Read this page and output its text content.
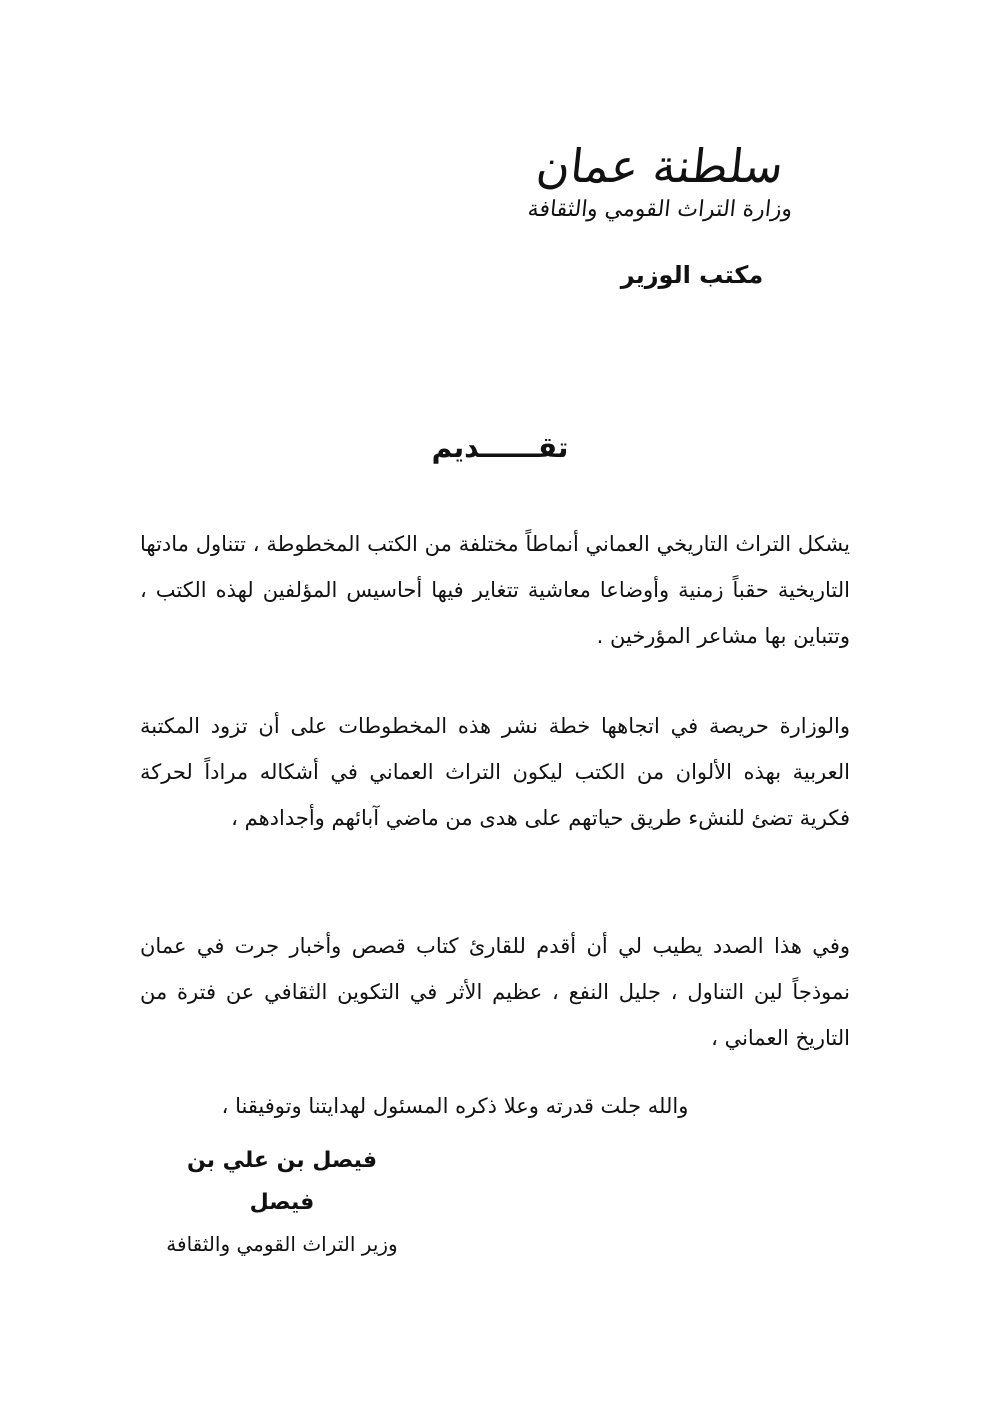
سلطنة عمان
وزارة التراث القومي والثقافة
مكتب الوزير
تقــــــديم

يشكل التراث التاريخي العماني أنماطاً مختلفة من الكتب المخطوطة ، تتناول مادتها التاريخية حقباً زمنية وأوضاعا معاشية تتغاير فيها أحاسيس المؤلفين لهذه الكتب ، وتتباين بها مشاعر المؤرخين .

والوزارة حريصة في اتجاهها خطة نشر هذه المخطوطات على أن تزود المكتبة العربية بهذه الألوان من الكتب ليكون التراث العماني في أشكاله مراداً لحركة فكرية تضئ للنشء طريق حياتهم على هدى من ماضي آبائهم وأجدادهم ،

وفي هذا الصدد يطيب لي أن أقدم للقارئ كتاب قصص وأخبار جرت في عمان نموذجاً لين التناول ، جليل النفع ، عظيم الأثر في التكوين الثقافي عن فترة من التاريخ العماني ،

والله جلت قدرته وعلا ذكره المسئول لهدايتنا وتوفيقنا ،

فيصل بن علي بن فيصل
وزير التراث القومي والثقافة
